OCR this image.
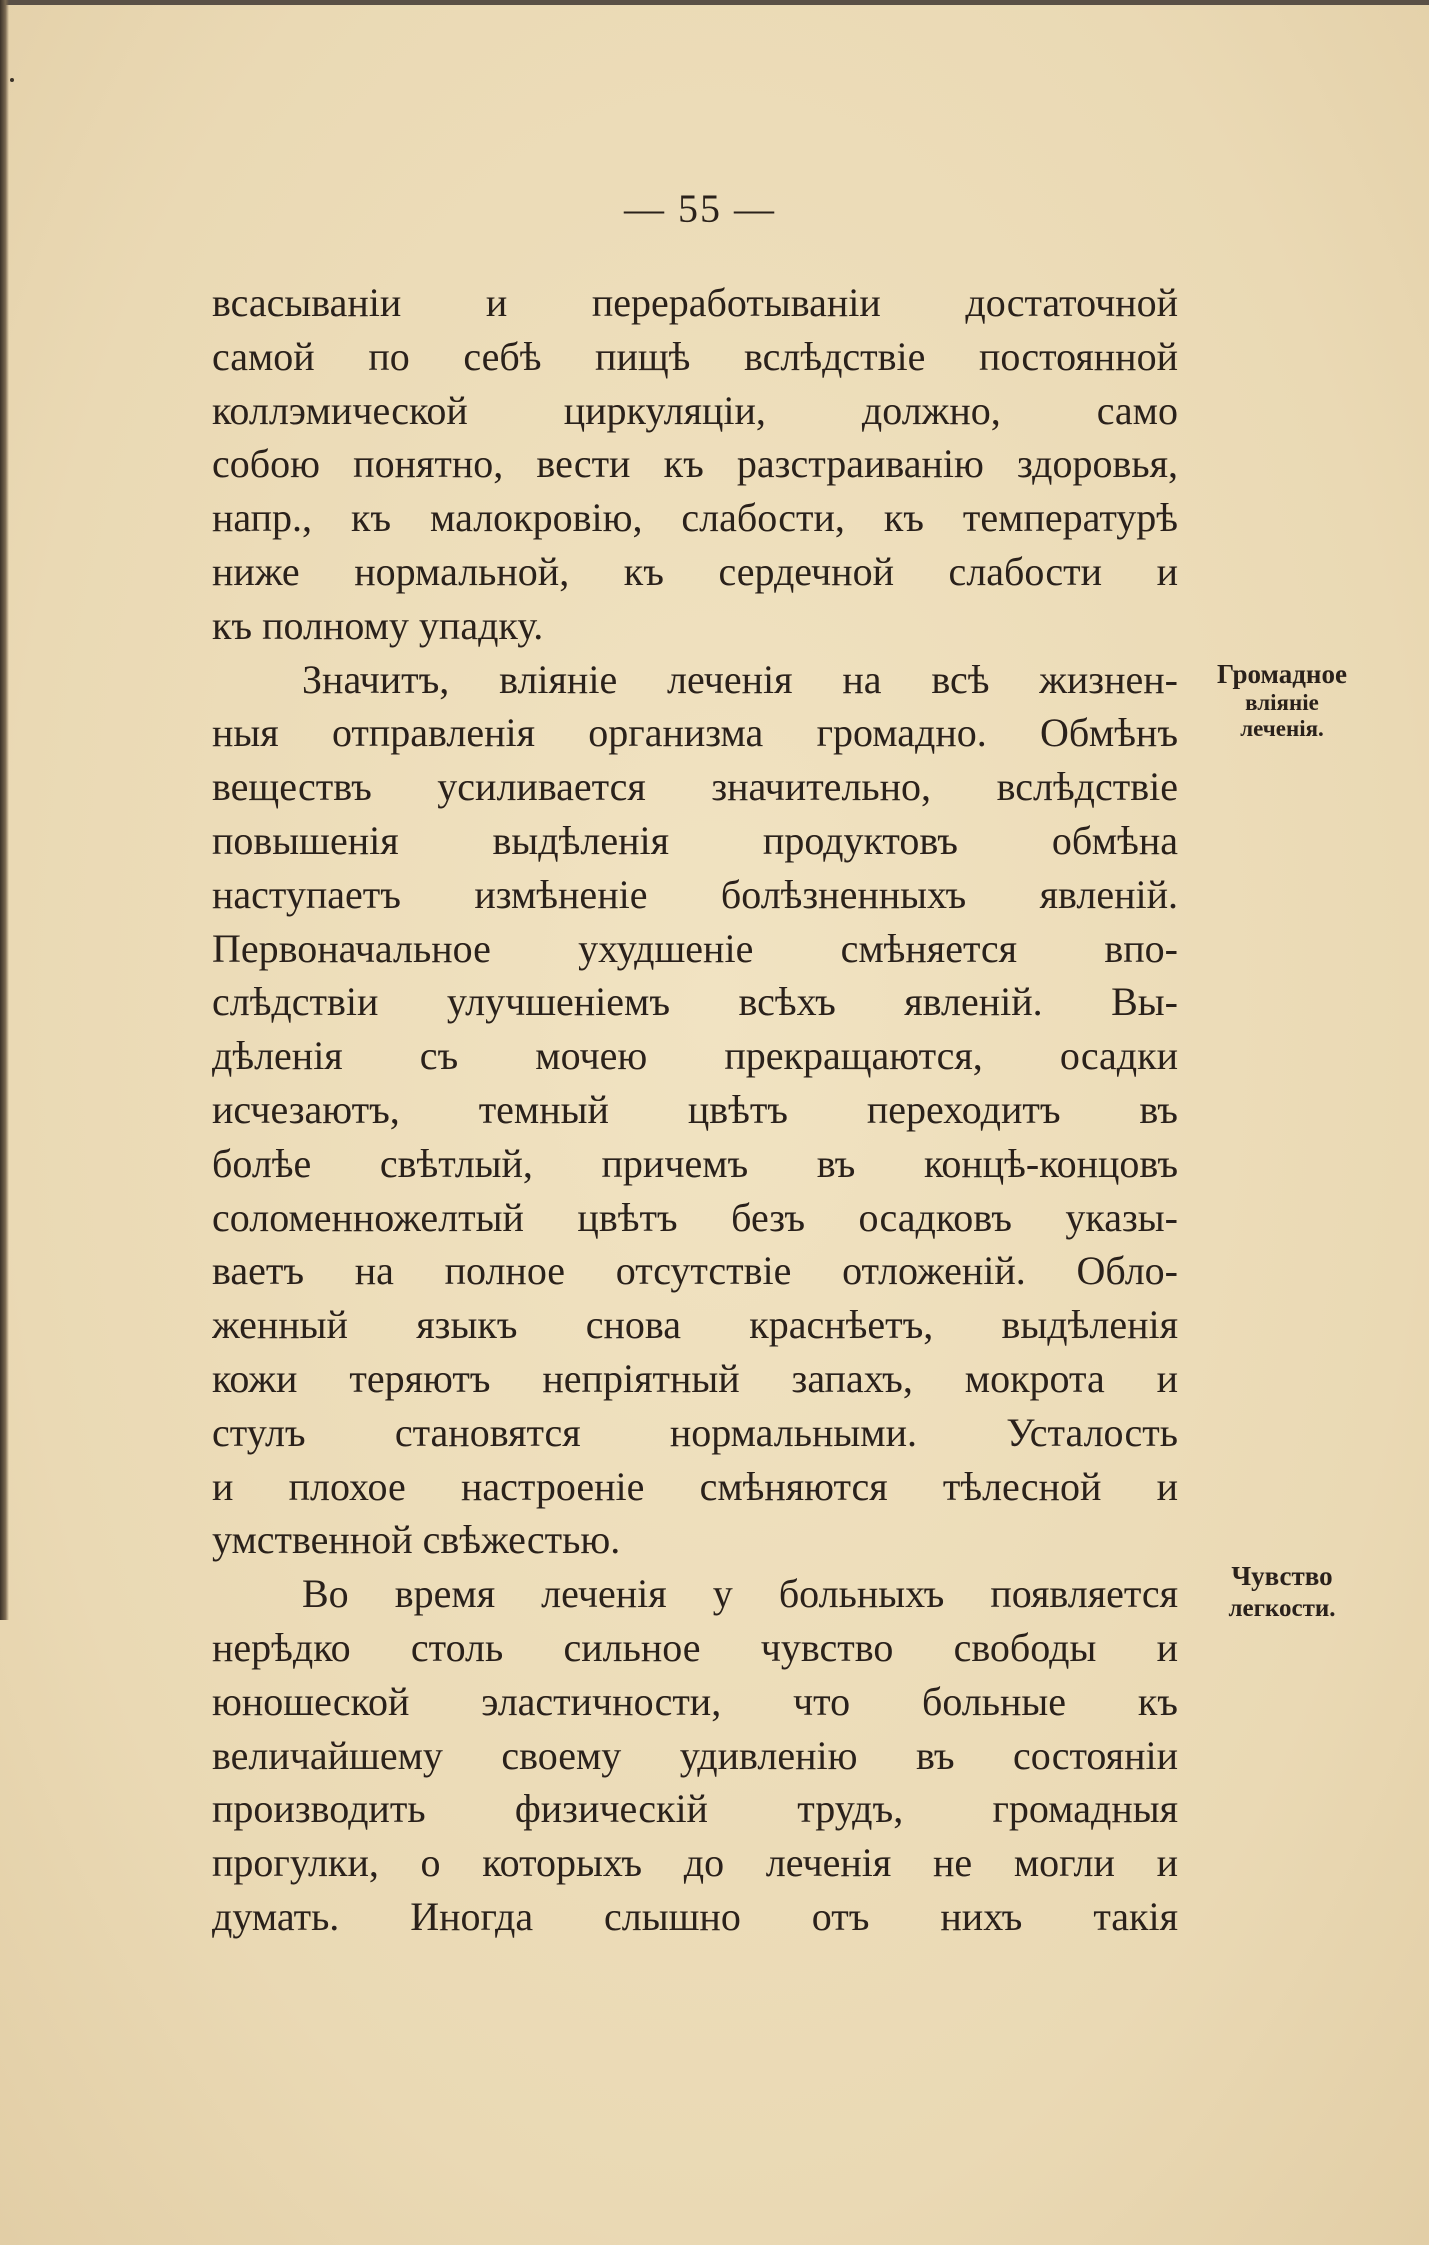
— 55 —
всасываніи и переработываніи достаточной
самой по себѣ пищѣ вслѣдствіе постоянной
коллэмической циркуляціи, должно, само
собою понятно, вести къ разстраиванію здоровья,
напр., къ малокровію, слабости, къ температурѣ
ниже нормальной, къ сердечной слабости и
къ полному упадку.
Значитъ, вліяніе леченія на всѣ жизнен-
ныя отправленія организма громадно. Обмѣнъ
веществъ усиливается значительно, вслѣдствіе
повышенія выдѣленія продуктовъ обмѣна
наступаетъ измѣненіе болѣзненныхъ явленій.
Первоначальное ухудшеніе смѣняется впо-
слѣдствіи улучшеніемъ всѣхъ явленій. Вы-
дѣленія съ мочею прекращаются, осадки
исчезаютъ, темный цвѣтъ переходитъ въ
болѣе свѣтлый, причемъ въ концѣ-концовъ
соломенножелтый цвѣтъ безъ осадковъ указы-
ваетъ на полное отсутствіе отложеній. Обло-
женный языкъ снова краснѣетъ, выдѣленія
кожи теряютъ непріятный запахъ, мокрота и
стулъ становятся нормальными. Усталость
и плохое настроеніе смѣняются тѣлесной и
умственной свѣжестью.
Во время леченія у больныхъ появляется
нерѣдко столь сильное чувство свободы и
юношеской эластичности, что больные къ
величайшему своему удивленію въ состояніи
производить физическій трудъ, громадныя
прогулки, о которыхъ до леченія не могли и
думать. Иногда слышно отъ нихъ такія
Громадное
вліяніе
леченія.
Чувство
легкости.
